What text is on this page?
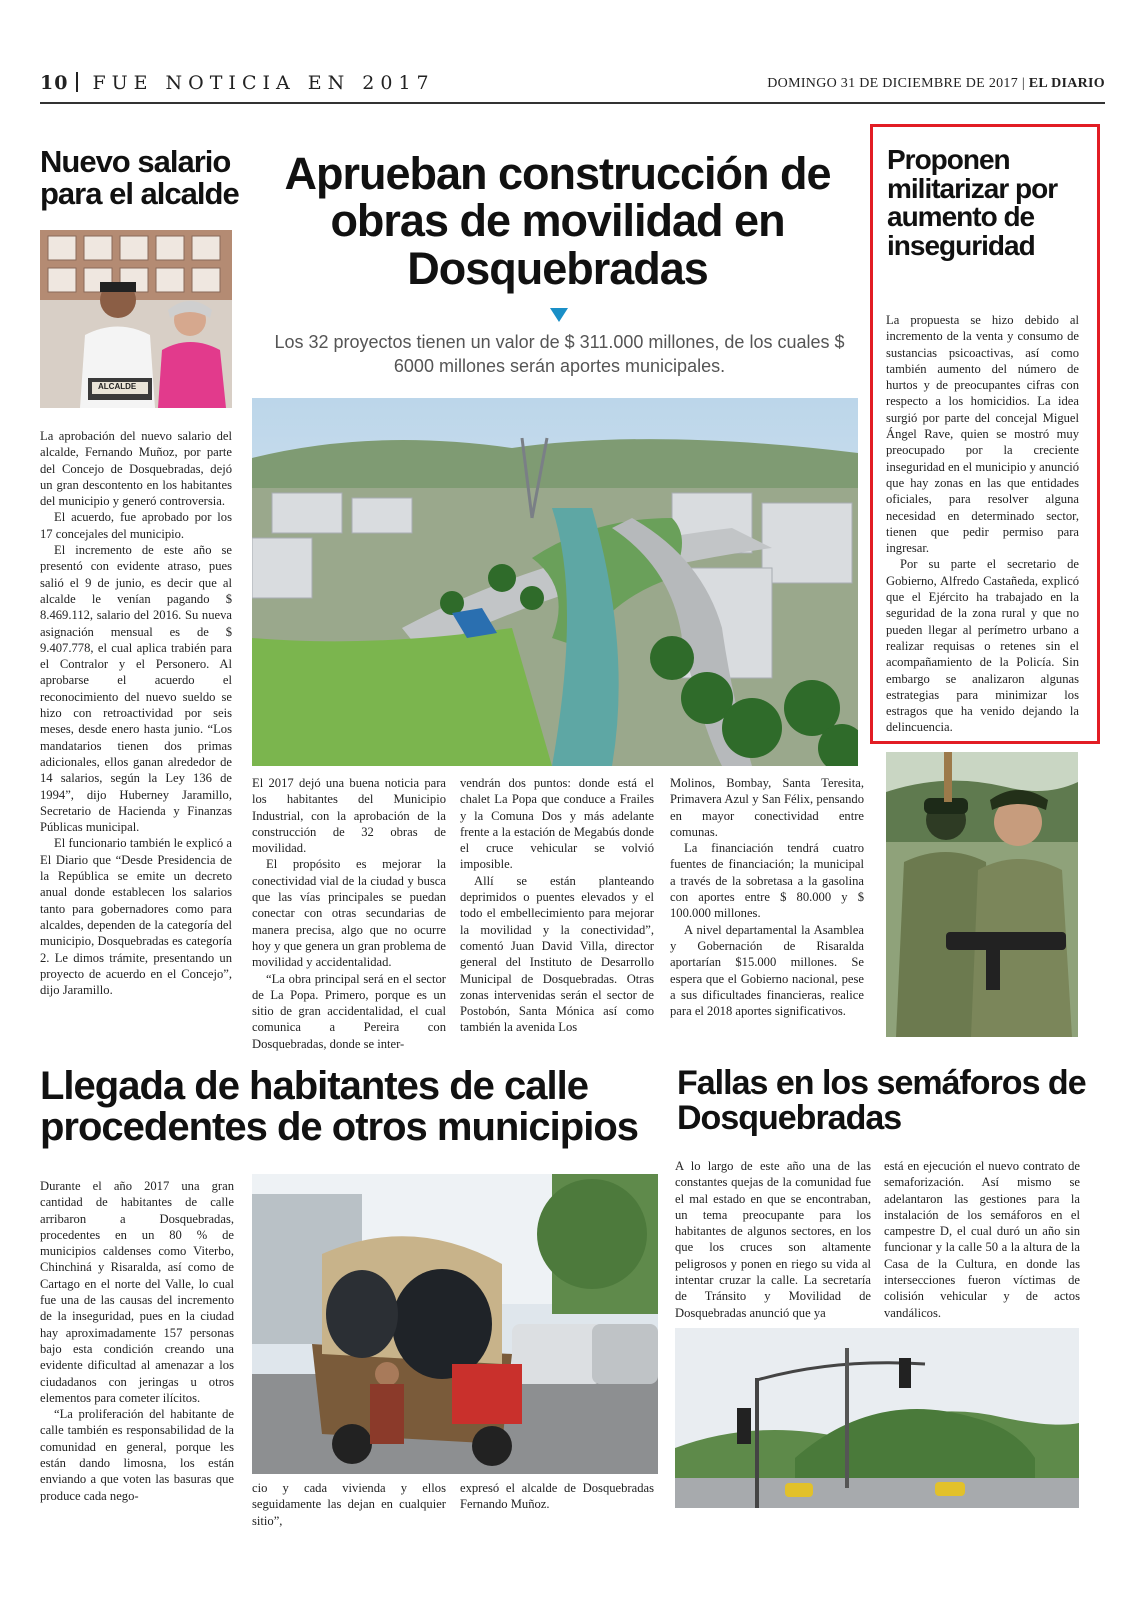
10 FUE NOTICIA EN 2017	DOMINGO 31 DE DICIEMBRE DE 2017 | EL DIARIO
Nuevo salario para el alcalde
ALCALDE

La aprobación del nuevo salario del alcalde, Fernando Muñoz, por parte del Concejo de Dosquebradas, dejó un gran descontento en los habitantes del municipio y generó controversia.

El acuerdo, fue aprobado por los 17 concejales del municipio.

El incremento de este año se presentó con evidente atraso, pues salió el 9 de junio, es decir que al alcalde le venían pagando $ 8.469.112, salario del 2016. Su nueva asignación mensual es de $ 9.407.778, el cual aplica trabién para el Contralor y el Personero. Al aprobarse el acuerdo el reconocimiento del nuevo sueldo se hizo con retroactividad por seis meses, desde enero hasta junio. “Los mandatarios tienen dos primas adicionales, ellos ganan alrededor de 14 salarios, según la Ley 136 de 1994”, dijo Huberney Jaramillo, Secretario de Hacienda y Finanzas Públicas municipal.

El funcionario también le explicó a El Diario que “Desde Presidencia de la República se emite un decreto anual donde establecen los salarios tanto para gobernadores como para alcaldes, dependen de la categoría del municipio, Dosquebradas es categoría 2. Le dimos trámite, presentando un proyecto de acuerdo en el Concejo”, dijo Jaramillo.

Aprueban construcción de obras de movilidad en Dosquebradas
Los 32 proyectos tienen un valor de $ 311.000 millones, de los cuales $ 6000 millones serán aportes municipales.

El 2017 dejó una buena noticia para los habitantes del Municipio Industrial, con la aprobación de la construcción de 32 obras de movilidad.

El propósito es mejorar la conectividad vial de la ciudad y busca que las vías principales se puedan conectar con otras secundarias de manera precisa, algo que no ocurre hoy y que genera un gran problema de movilidad y accidentalidad.

“La obra principal será en el sector de La Popa. Primero, porque es un sitio de gran accidentalidad, el cual comunica a Pereira con Dosquebradas, donde se inter-

vendrán dos puntos: donde está el chalet La Popa que conduce a Frailes y la Comuna Dos y más adelante frente a la estación de Megabús donde el cruce vehicular se volvió imposible.

Allí se están planteando deprimidos o puentes elevados y el todo el embellecimiento para mejorar la movilidad y la conectividad”, comentó Juan David Villa, director general del Instituto de Desarrollo Municipal de Dosquebradas. Otras zonas intervenidas serán el sector de Postobón, Santa Mónica así como también la avenida Los

Molinos, Bombay, Santa Teresita, Primavera Azul y San Félix, pensando en mayor conectividad entre comunas.

La financiación tendrá cuatro fuentes de financiación; la municipal a través de la sobretasa a la gasolina con aportes entre $ 80.000 y $ 100.000 millones.

A nivel departamental la Asamblea y Gobernación de Risaralda aportarían $15.000 millones. Se espera que el Gobierno nacional, pese a sus dificultades financieras, realice para el 2018 aportes significativos.

Proponen militarizar por aumento de inseguridad

La propuesta se hizo debido al incremento de la venta y consumo de sustancias psicoactivas, así como también aumento del número de hurtos y de preocupantes cifras con respecto a los homicidios. La idea surgió por parte del concejal Miguel Ángel Rave, quien se mostró muy preocupado por la creciente inseguridad en el municipio y anunció que hay zonas en las que entidades oficiales, para resolver alguna necesidad en determinado sector, tienen que pedir permiso para ingresar.

Por su parte el secretario de Gobierno, Alfredo Castañeda, explicó que el Ejército ha trabajado en la seguridad de la zona rural y que no pueden llegar al perímetro urbano a realizar requisas o retenes sin el acompañamiento de la Policía. Sin embargo se analizaron algunas estrategias para minimizar los estragos que ha venido dejando la delincuencia.

Llegada de habitantes de calle procedentes de otros municipios

Durante el año 2017 una gran cantidad de habitantes de calle arribaron a Dosquebradas, procedentes en un 80 % de municipios caldenses como Viterbo, Chinchiná y Risaralda, así como de Cartago en el norte del Valle, lo cual fue una de las causas del incremento de la inseguridad, pues en la ciudad hay aproximadamente 157 personas bajo esta condición creando una evidente dificultad al amenazar a los ciudadanos con jeringas u otros elementos para cometer ilícitos.

“La proliferación del habitante de calle también es responsabilidad de la comunidad en general, porque les están dando limosna, los están enviando a que voten las basuras que produce cada nego-

cio y cada vivienda y ellos seguidamente las dejan en cualquier sitio”,

expresó el alcalde de Dosquebradas Fernando Muñoz.

Fallas en los semáforos de Dosquebradas

A lo largo de este año una de las constantes quejas de la comunidad fue el mal estado en que se encontraban, un tema preocupante para los habitantes de algunos sectores, en los que los cruces son altamente peligrosos y ponen en riego su vida al intentar cruzar la calle. La secretaría de Tránsito y Movilidad de Dosquebradas anunció que ya

está en ejecución el nuevo contrato de semaforización. Así mismo se adelantaron las gestiones para la instalación de los semáforos en el campestre D, el cual duró un año sin funcionar y la calle 50 a la altura de la Casa de la Cultura, en donde las intersecciones fueron víctimas de colisión vehicular y de actos vandálicos.
